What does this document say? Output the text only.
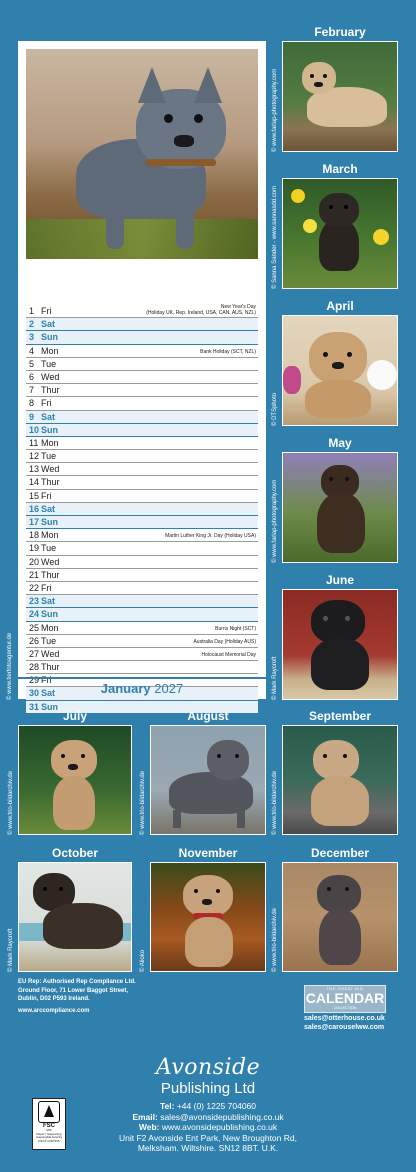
1 Fri	New Year's Day
(Holiday UK, Rep. Ireland, USA, CAN, AUS, NZL)
2 Sat
3 Sun
4 Mon	Bank Holiday (SCT, NZL)
5 Tue
6 Wed
7 Thur
8 Fri
9 Sat
10 Sun
11 Mon
12 Tue
13 Wed
14 Thur
15 Fri
16 Sat
17 Sun
18 Mon	Martin Luther King Jr. Day (Holiday USA)
19 Tue
20 Wed
21 Thur
22 Fri
23 Sat
24 Sun
25 Mon	Burns Night (SCT)
26 Tue	Australia Day (Holiday AUS)
27 Wed	Holocaust Memorial Day
28 Thur
29 Fri
30 Sat
31 Sun
January 2027
© www.tierfotoagentur.de
February
© www.farlap-photography.com
March
© Sanna Sander - www.sannasdd.com
April
© DTSphoto
May
© www.farlap-photography.com
June
© Mark Raycroft
July
© www.trio-bildarchiv.de
August
© www.trio-bildarchiv.de
September
© www.trio-bildarchiv.de
October
© Mark Raycroft
November
© Alioko
December
© www.trio-bildarchiv.de
EU Rep: Authorised Rep Compliance Ltd.
Ground Floor, 71 Lower Baggot Street,
Dublin, D02 P593 Ireland.
www.arccompliance.com
THE GREAT BIG
CALENDAR
COLLECTION
sales@otterhouse.co.uk
sales@carouselww.com
Avonside
Publishing Ltd
Tel: +44 (0) 1225 704060
Email: sales@avonsidepublishing.co.uk
Web: www.avonsidepublishing.co.uk
Unit F2 Avonside Ent Park, New Broughton Rd,
Melksham. Wiltshire. SN12 8BT. U.K.
FSC
MIX
Paper | Supporting responsible forestry
FSC® C007915
